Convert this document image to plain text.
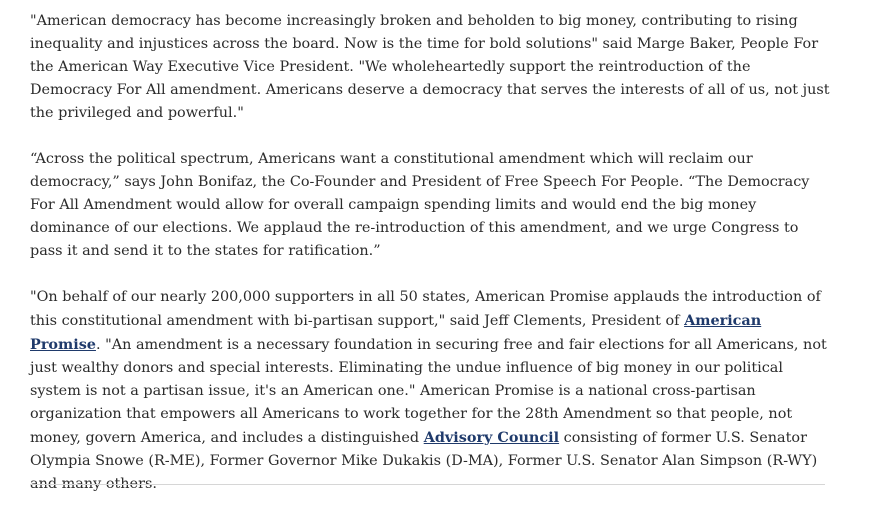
"American democracy has become increasingly broken and beholden to big money, contributing to rising inequality and injustices across the board. Now is the time for bold solutions" said Marge Baker, People For the American Way Executive Vice President. "We wholeheartedly support the reintroduction of the Democracy For All amendment. Americans deserve a democracy that serves the interests of all of us, not just the privileged and powerful."

“Across the political spectrum, Americans want a constitutional amendment which will reclaim our democracy,” says John Bonifaz, the Co-Founder and President of Free Speech For People. “The Democracy For All Amendment would allow for overall campaign spending limits and would end the big money dominance of our elections. We applaud the re-introduction of this amendment, and we urge Congress to pass it and send it to the states for ratification.”

"On behalf of our nearly 200,000 supporters in all 50 states, American Promise applauds the introduction of this constitutional amendment with bi-partisan support," said Jeff Clements, President of American Promise. "An amendment is a necessary foundation in securing free and fair elections for all Americans, not just wealthy donors and special interests. Eliminating the undue influence of big money in our political system is not a partisan issue, it's an American one." American Promise is a national cross-partisan organization that empowers all Americans to work together for the 28th Amendment so that people, not money, govern America, and includes a distinguished Advisory Council consisting of former U.S. Senator Olympia Snowe (R-ME), Former Governor Mike Dukakis (D-MA), Former U.S. Senator Alan Simpson (R-WY) and many others.
